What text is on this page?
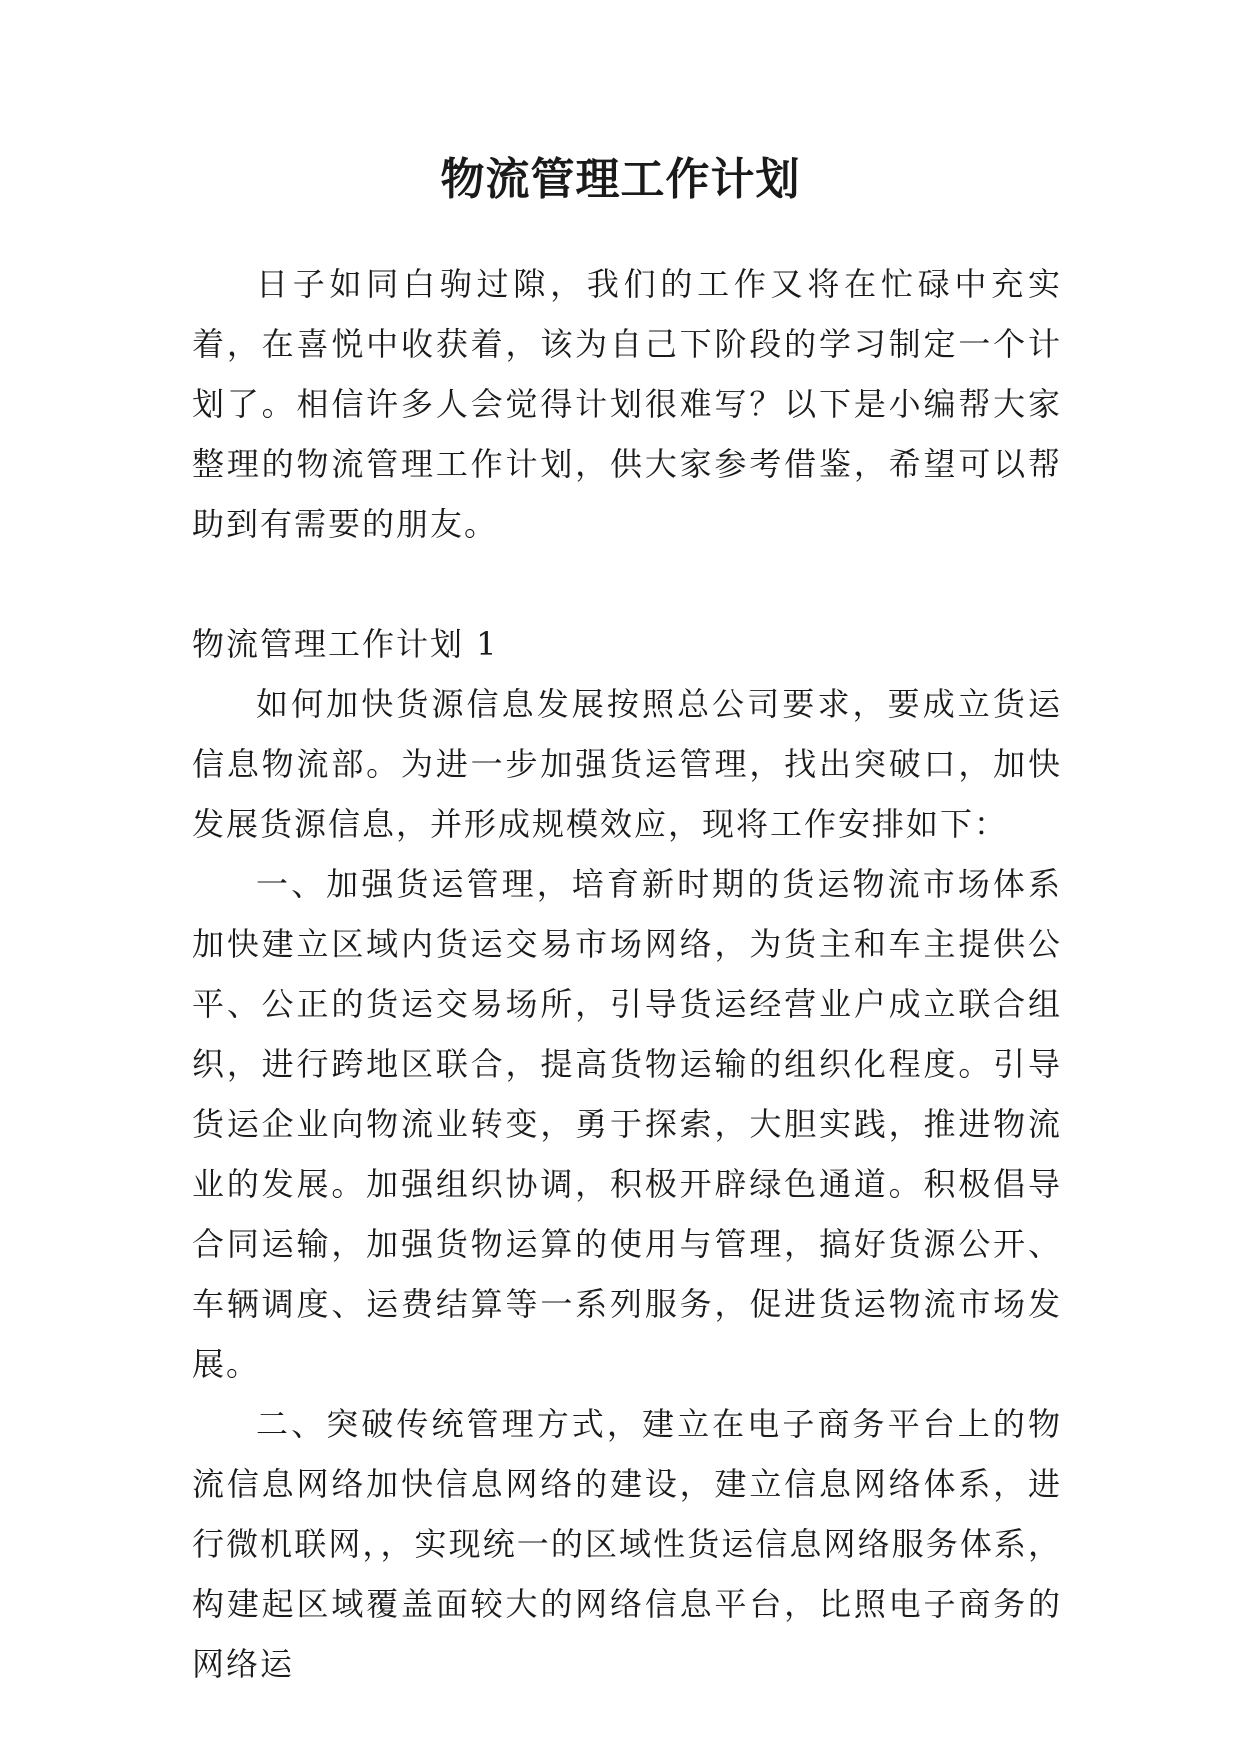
物流管理工作计划

日子如同白驹过隙，我们的工作又将在忙碌中充实着，在喜悦中收获着，该为自己下阶段的学习制定一个计划了。相信许多人会觉得计划很难写？以下是小编帮大家整理的物流管理工作计划，供大家参考借鉴，希望可以帮助到有需要的朋友。

物流管理工作计划 1

如何加快货源信息发展按照总公司要求，要成立货运信息物流部。为进一步加强货运管理，找出突破口，加快发展货源信息，并形成规模效应，现将工作安排如下：

一、加强货运管理，培育新时期的货运物流市场体系加快建立区域内货运交易市场网络，为货主和车主提供公平、公正的货运交易场所，引导货运经营业户成立联合组织，进行跨地区联合，提高货物运输的组织化程度。引导货运企业向物流业转变，勇于探索，大胆实践，推进物流业的发展。加强组织协调，积极开辟绿色通道。积极倡导合同运输，加强货物运算的使用与管理，搞好货源公开、车辆调度、运费结算等一系列服务，促进货运物流市场发展。

二、突破传统管理方式，建立在电子商务平台上的物流信息网络加快信息网络的建设，建立信息网络体系，进行微机联网，，实现统一的区域性货运信息网络服务体系，构建起区域覆盖面较大的网络信息平台，比照电子商务的网络运
